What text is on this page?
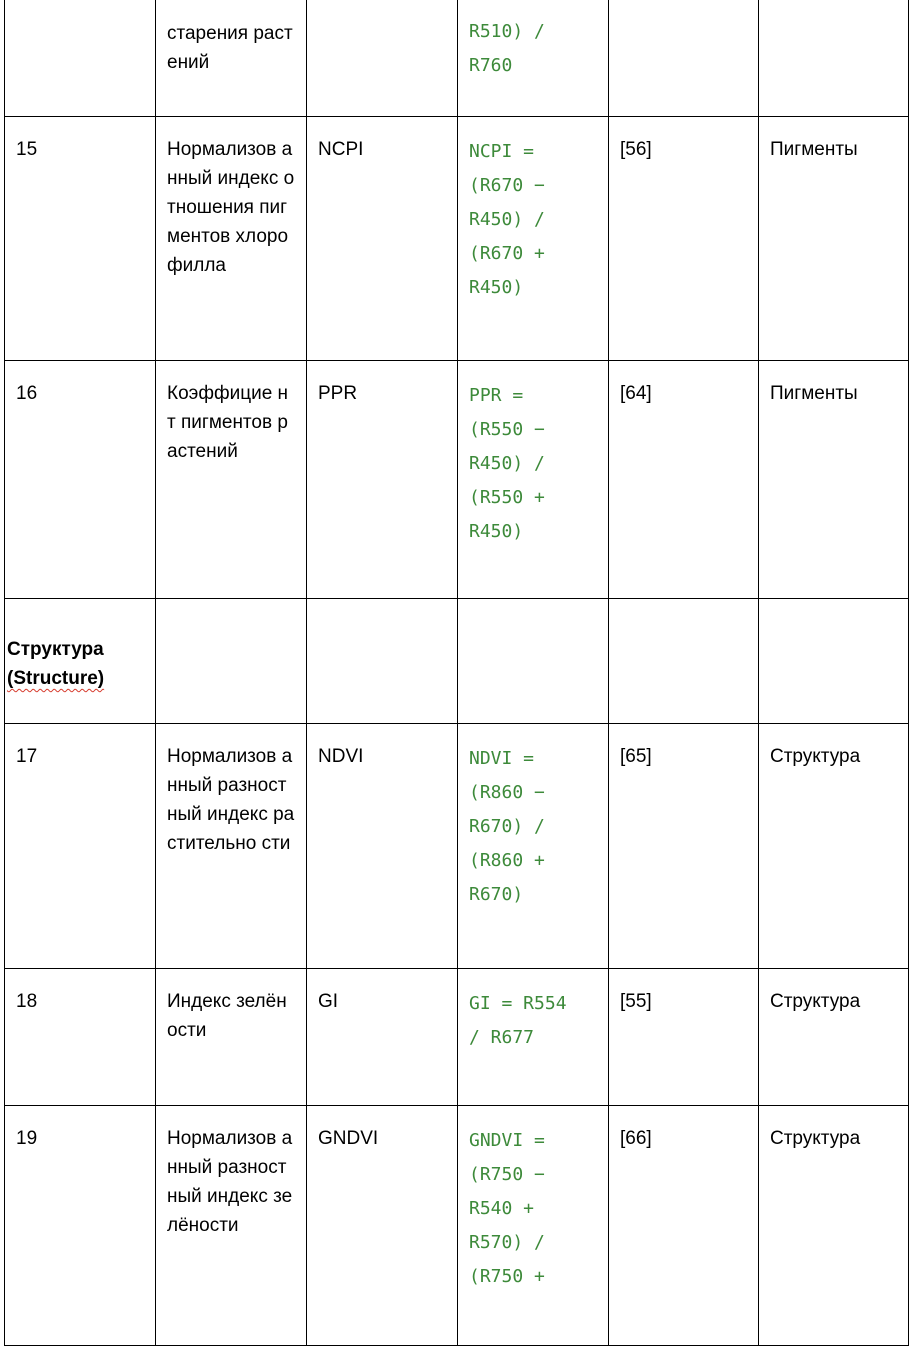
	старения растений		R510) /
R760		
15	Нормализов анный индекс отношения пигментов хлорофилла	NCPI	NCPI =
(R670 −
R450) /
(R670 +
R450)	[56]	Пигменты
16	Коэффицие нт пигментов растений	PPR	PPR =
(R550 −
R450) /
(R550 +
R450)	[64]	Пигменты

Структура
(Structure)					

17	Нормализов анный разностный индекс растительно сти	NDVI	NDVI =
(R860 −
R670) /
(R860 +
R670)	[65]	Структура
18	Индекс зелёности	GI	GI = R554
/ R677	[55]	Структура
19	Нормализов анный разностный индекс зелёности	GNDVI	GNDVI =
(R750 −
R540 +
R570) /
(R750 +	[66]	Структура
